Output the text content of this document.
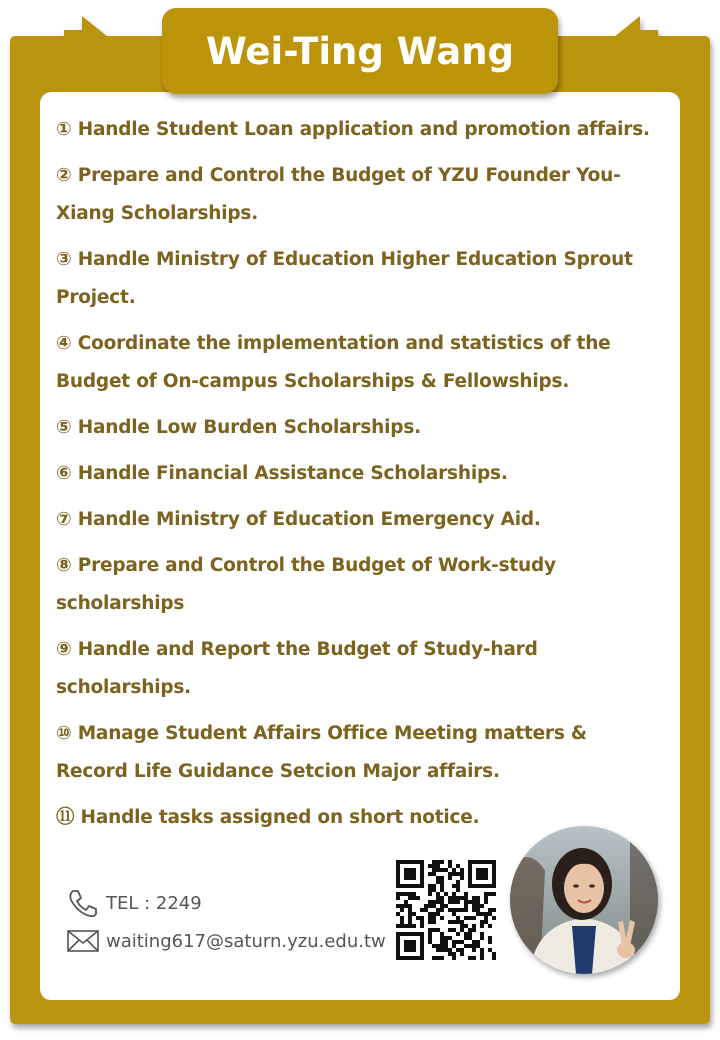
Wei-Ting Wang
① Handle Student Loan application and promotion affairs.
② Prepare and Control the Budget of YZU Founder You-Xiang Scholarships.
③ Handle Ministry of Education Higher Education Sprout Project.
④ Coordinate the implementation and statistics of the Budget of On-campus Scholarships & Fellowships.
⑤ Handle Low Burden Scholarships.
⑥ Handle Financial Assistance Scholarships.
⑦ Handle Ministry of Education Emergency Aid.
⑧ Prepare and Control the Budget of Work-study scholarships
⑨ Handle and Report the Budget of Study-hard scholarships.
⑩ Manage Student Affairs Office Meeting matters & Record Life Guidance Setcion Major affairs.
⑪ Handle tasks assigned on short notice.
TEL : 2249
waiting617@saturn.yzu.edu.tw
